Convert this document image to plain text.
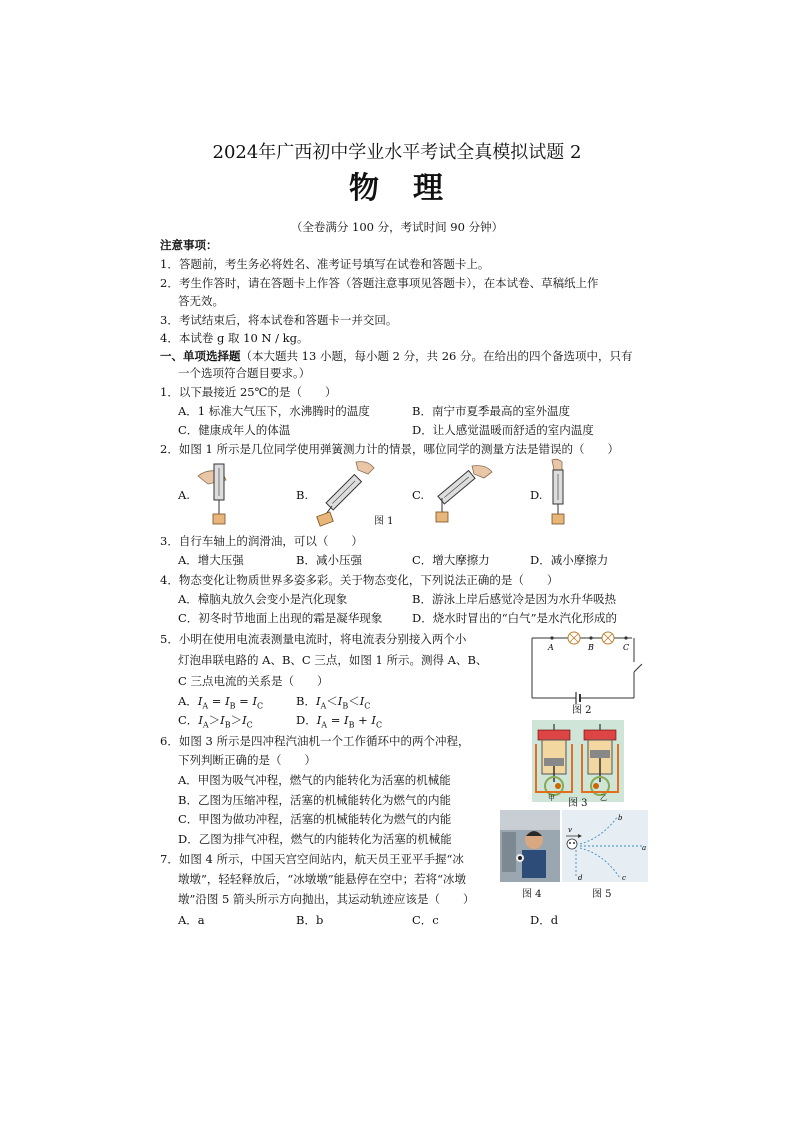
2024年广西初中学业水平考试全真模拟试题 2
物　理
（全卷满分 100 分，考试时间 90 分钟）
注意事项：
1．答题前，考生务必将姓名、准考证号填写在试卷和答题卡上。
2．考生作答时，请在答题卡上作答（答题注意事项见答题卡），在本试卷、草稿纸上作
答无效。
3．考试结束后，将本试卷和答题卡一并交回。
4．本试卷 g 取 10 N / kg。
一、单项选择题（本大题共 13 小题，每小题 2 分，共 26 分。在给出的四个备选项中，只有
一个选项符合题目要求。）
1．以下最接近 25℃的是（　　）
A．1 标准大气压下，水沸腾时的温度	B．南宁市夏季最高的室外温度
C．健康成年人的体温	D．让人感觉温暖而舒适的室内温度
2．如图 1 所示是几位同学使用弹簧测力计的情景，哪位同学的测量方法是错误的（　　）
A.	B.	C.	D.
图 1
3．自行车轴上的润滑油，可以（　　）
A．增大压强	B．减小压强	C．增大摩擦力	D．减小摩擦力
4．物态变化让物质世界多姿多彩。关于物态变化，下列说法正确的是（　　）
A．樟脑丸放久会变小是汽化现象	B．游泳上岸后感觉冷是因为水升华吸热
C．初冬时节地面上出现的霜是凝华现象	D．烧水时冒出的“白气”是水汽化形成的
5．小明在使用电流表测量电流时，将电流表分别接入两个小
灯泡串联电路的 A、B、C 三点，如图 1 所示。测得 A、B、
C 三点电流的关系是（　　）
A．$I_A = I_B = I_C$	B．$I_A<I_B<I_C$
C．$I_A>I_B>I_C$	D．$I_A = I_B + I_C$
A	B	C
图 2
6．如图 3 所示是四冲程汽油机一个工作循环中的两个冲程，
下列判断正确的是（　　）
A．甲图为吸气冲程，燃气的内能转化为活塞的机械能
B．乙图为压缩冲程，活塞的机械能转化为燃气的内能
C．甲图为做功冲程，活塞的机械能转化为燃气的内能
D．乙图为排气冲程，燃气的内能转化为活塞的机械能
甲	乙
图 3
7．如图 4 所示，中国天宫空间站内，航天员王亚平手握“冰
墩墩”，轻轻释放后，“冰墩墩”能悬停在空中；若将“冰墩
墩”沿图 5 箭头所示方向抛出，其运动轨迹应该是（　　）
A．a	B．b	C．c	D．d
图 4
v
a
b
c
d
图 5
